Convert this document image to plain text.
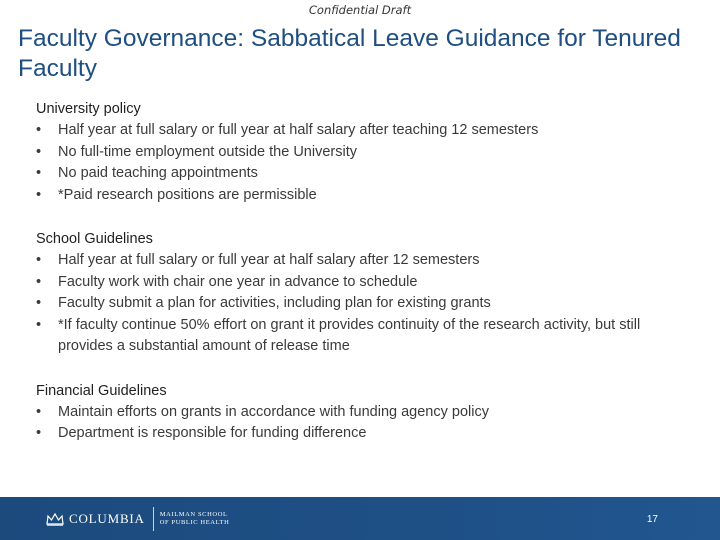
Confidential Draft
Faculty Governance: Sabbatical Leave Guidance for Tenured Faculty
University policy
•	Half year at full salary or full year at half salary after teaching 12 semesters
•	No full-time employment outside the University
•	No paid teaching appointments
•	*Paid research positions are permissible
School Guidelines
•	Half year at full salary or full year at half salary after 12 semesters
•	Faculty work with chair one year in advance to schedule
•	Faculty submit a plan for activities, including plan for existing grants
•	*If faculty continue 50% effort on grant it provides continuity of the research activity, but still provides a substantial amount of release time
Financial Guidelines
•	Maintain efforts on grants in accordance with funding agency policy
•	Department is responsible for funding difference
COLUMBIA MAILMAN SCHOOL
OF PUBLIC HEALTH	17
